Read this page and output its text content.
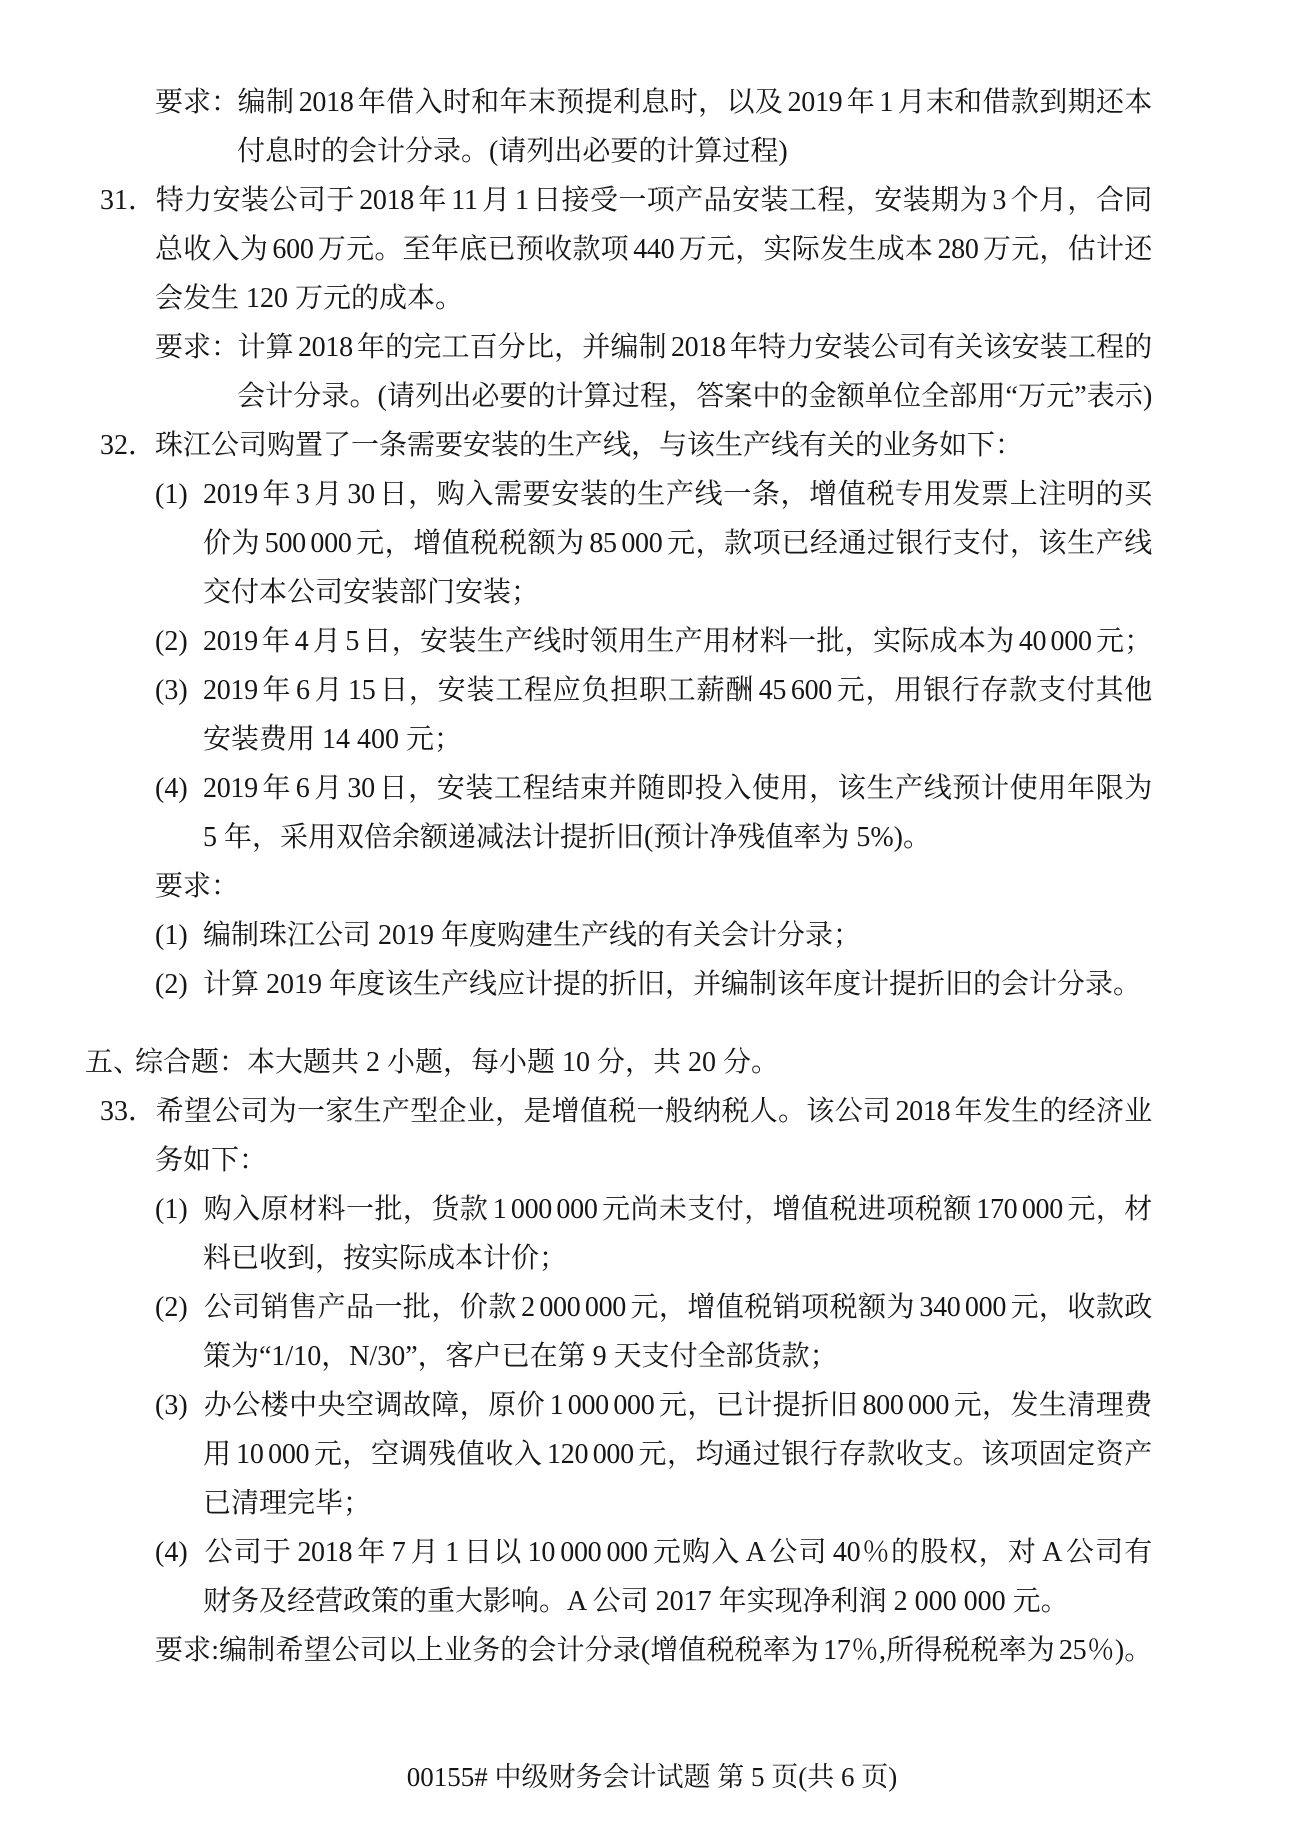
要求：编制 2018 年借入时和年末预提利息时，以及 2019 年 1 月末和借款到期还本
付息时的会计分录。(请列出必要的计算过程)
31．特力安装公司于 2018 年 11 月 1 日接受一项产品安装工程，安装期为 3 个月，合同
总收入为 600 万元。至年底已预收款项 440 万元，实际发生成本 280 万元，估计还
会发生 120 万元的成本。
要求：计算 2018 年的完工百分比，并编制 2018 年特力安装公司有关该安装工程的
会计分录。(请列出必要的计算过程，答案中的金额单位全部用“万元”表示)
32．珠江公司购置了一条需要安装的生产线，与该生产线有关的业务如下：
(1) 2019 年 3 月 30 日，购入需要安装的生产线一条，增值税专用发票上注明的买
价为 500 000 元，增值税税额为 85 000 元，款项已经通过银行支付，该生产线
交付本公司安装部门安装；
(2) 2019 年 4 月 5 日，安装生产线时领用生产用材料一批，实际成本为 40 000 元；
(3) 2019 年 6 月 15 日，安装工程应负担职工薪酬 45 600 元，用银行存款支付其他
安装费用 14 400 元；
(4) 2019 年 6 月 30 日，安装工程结束并随即投入使用，该生产线预计使用年限为
5 年，采用双倍余额递减法计提折旧(预计净残值率为 5%)。
要求：
(1) 编制珠江公司 2019 年度购建生产线的有关会计分录；
(2) 计算 2019 年度该生产线应计提的折旧，并编制该年度计提折旧的会计分录。
五、综合题：本大题共 2 小题，每小题 10 分，共 20 分。
33．希望公司为一家生产型企业，是增值税一般纳税人。该公司 2018 年发生的经济业
务如下：
(1) 购入原材料一批，货款 1 000 000 元尚未支付，增值税进项税额 170 000 元，材
料已收到，按实际成本计价；
(2) 公司销售产品一批，价款 2 000 000 元，增值税销项税额为 340 000 元，收款政
策为“1/10，N/30”，客户已在第 9 天支付全部货款；
(3) 办公楼中央空调故障，原价 1 000 000 元，已计提折旧 800 000 元，发生清理费
用 10 000 元，空调残值收入 120 000 元，均通过银行存款收支。该项固定资产
已清理完毕；
(4) 公司于 2018 年 7 月 1 日以 10 000 000 元购入 A 公司 40％的股权，对 A 公司有
财务及经营政策的重大影响。A 公司 2017 年实现净利润 2 000 000 元。
要求:编制希望公司以上业务的会计分录(增值税税率为 17％,所得税税率为 25％)。
00155# 中级财务会计试题 第 5 页(共 6 页)
